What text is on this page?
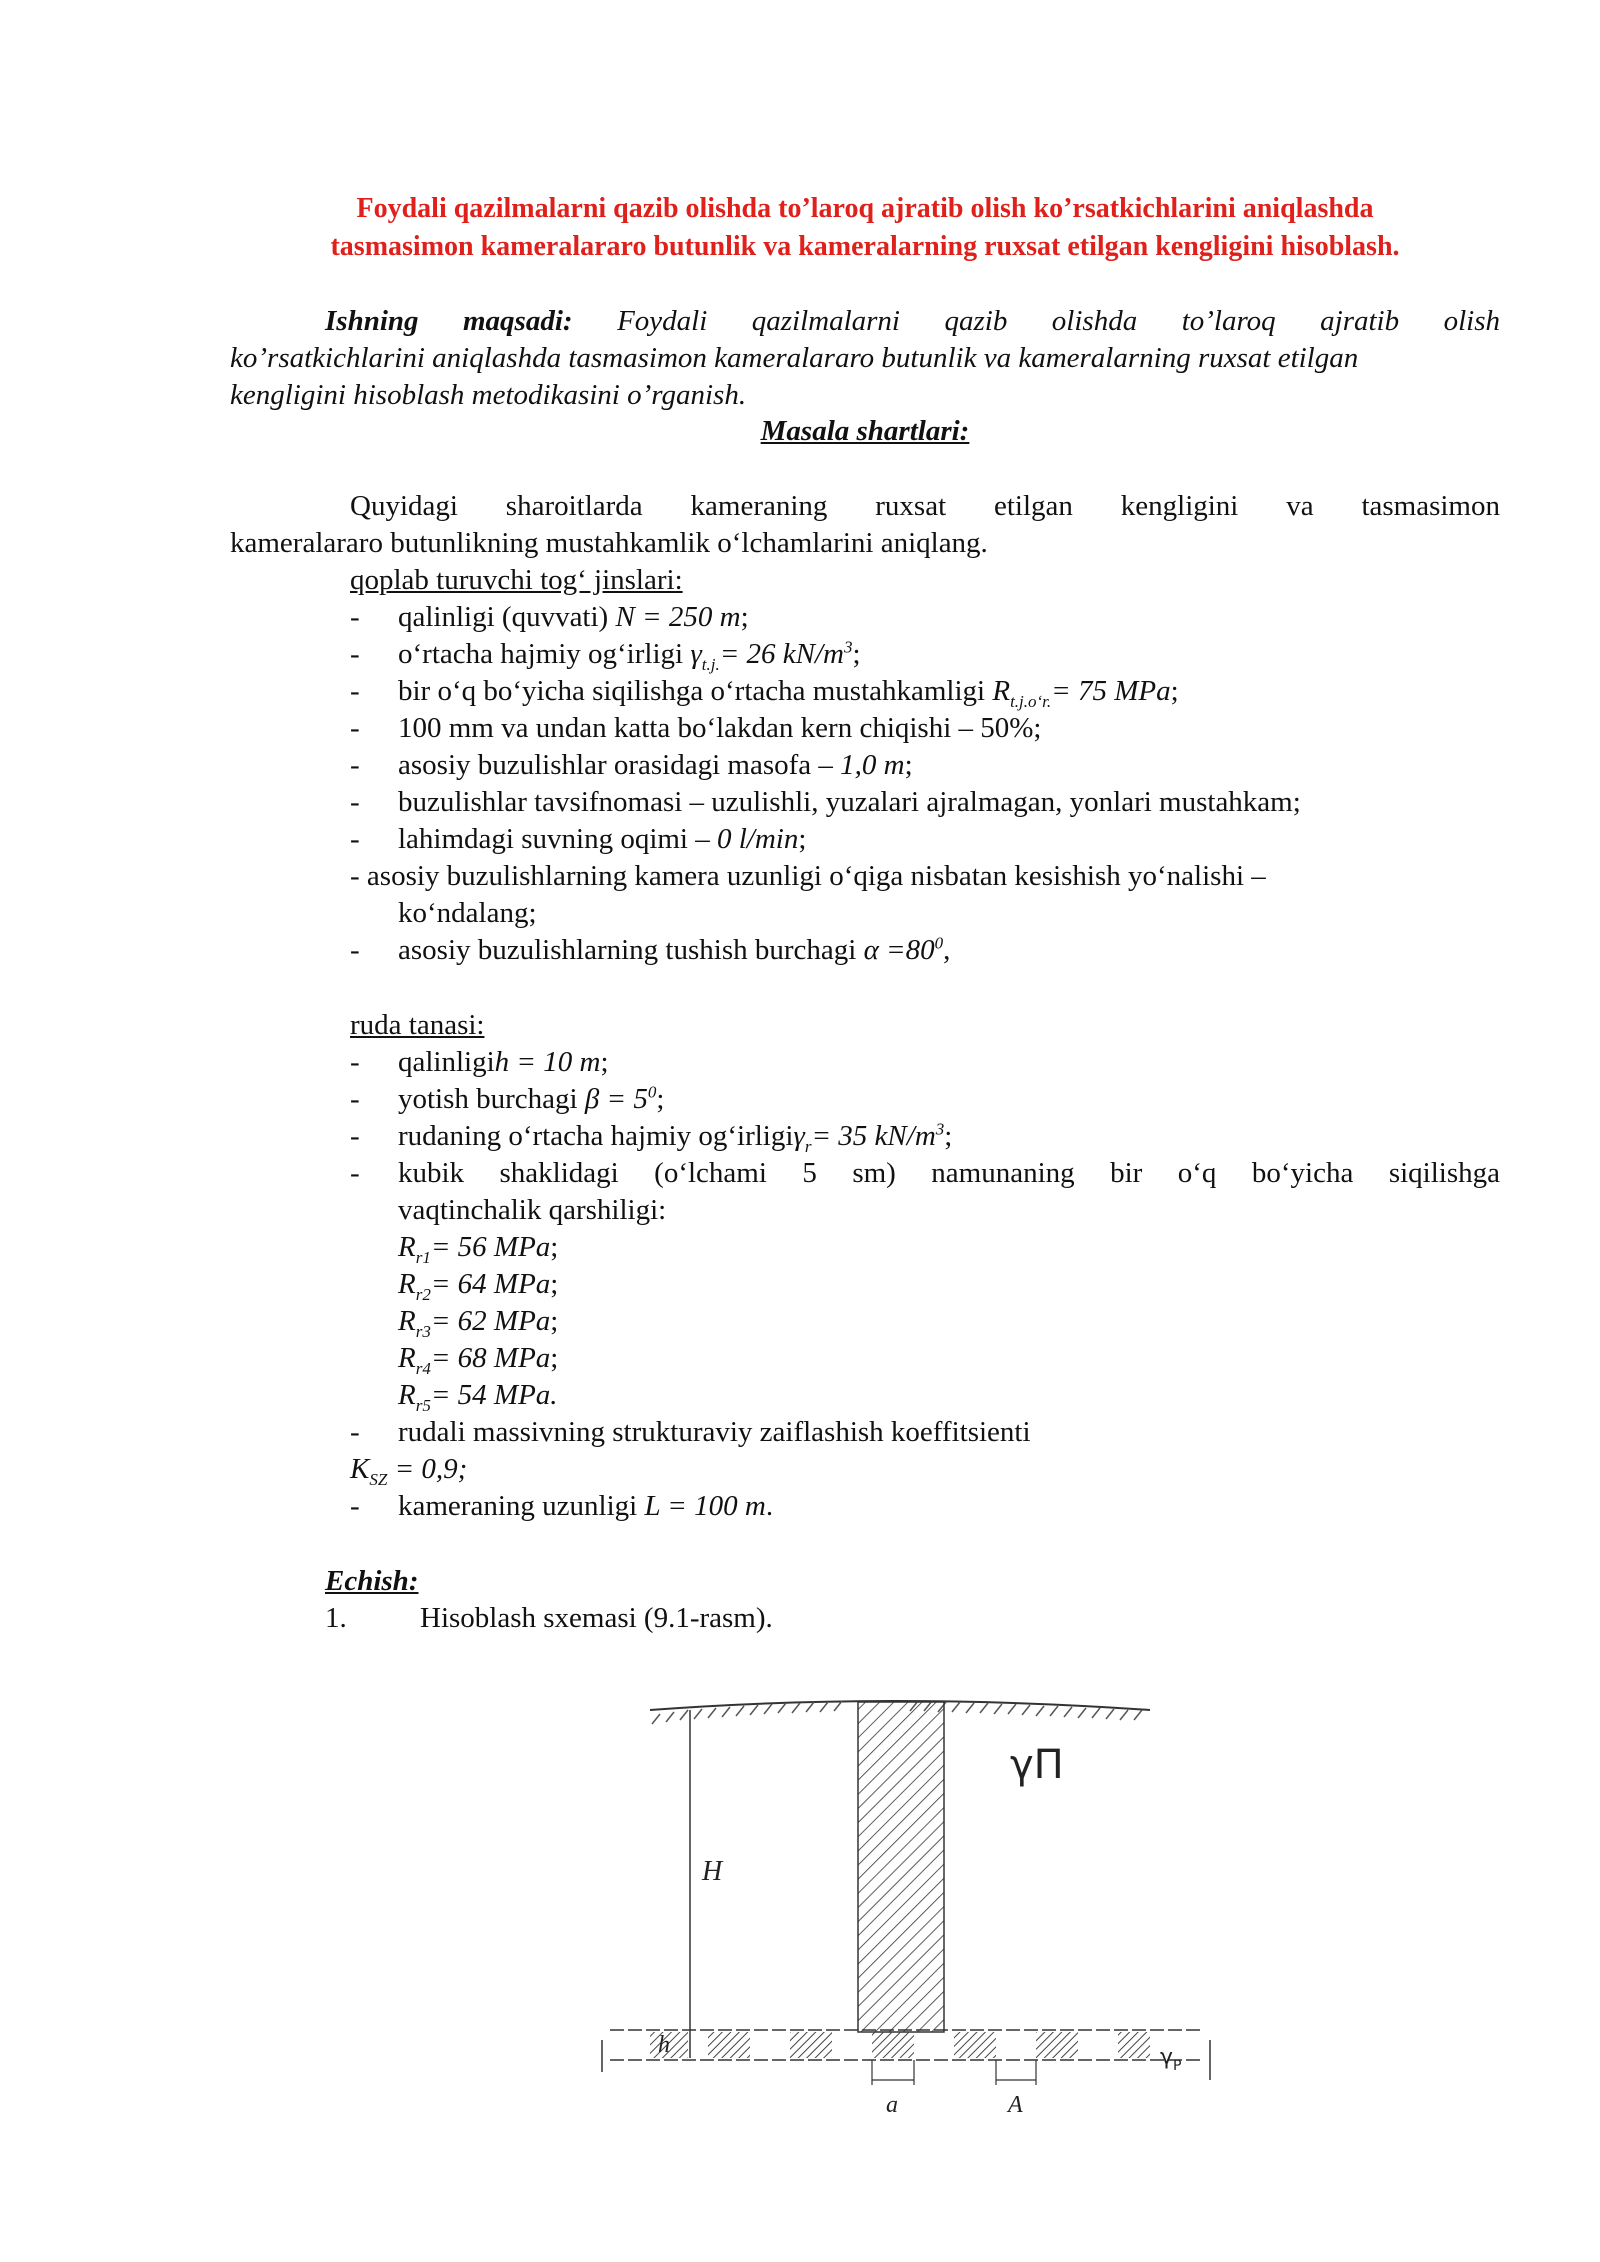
Foydali qazilmalarni qazib olishda to’laroq ajratib olish ko’rsatkichlarini aniqlashda
tasmasimon kameralararo butunlik va kameralarning ruxsat etilgan kengligini hisoblash.
Ishning maqsadi: Foydali qazilmalarni qazib olishda to’laroq ajratib olish
ko’rsatkichlarini aniqlashda tasmasimon kameralararo butunlik va kameralarning ruxsat etilgan
kengligini hisoblash metodikasini o’rganish.
Masala shartlari:
Quyidagi sharoitlarda kameraning ruxsat etilgan kengligini va tasmasimon
kameralararo butunlikning mustahkamlik o‘lchamlarini aniqlang.
qoplab turuvchi tog‘ jinslari:
- qalinligi (quvvati) N = 250 m;
- o‘rtacha hajmiy og‘irligi $\gamma_{t.j.}= 26$ $kN/m^3$;
- bir o‘q bo‘yicha siqilishga o‘rtacha mustahkamligi $R_{t.j.o‘r.}= 75$ MPa;
- 100 mm va undan katta bo‘lakdan kern chiqishi – 50%;
- asosiy buzulishlar orasidagi masofa – 1,0 m;
- buzulishlar tavsifnomasi – uzulishli, yuzalari ajralmagan, yonlari mustahkam;
- lahimdagi suvning oqimi – 0 l/min;
- asosiy buzulishlarning kamera uzunligi o‘qiga nisbatan kesishish yo‘nalishi –
ko‘ndalang;
- asosiy buzulishlarning tushish burchagi $\alpha =80^0$,
ruda tanasi:
- qalinligih = 10 m;
- yotish burchagi $\beta = 5^0$;
- rudaning o‘rtacha hajmiy og‘irligiγ$_r$= 35 $kN/m^3$;
- kubik shaklidagi (o‘lchami 5 sm) namunaning bir o‘q bo‘yicha siqilishga
vaqtinchalik qarshiligi:
$R_{r1}= 56$ MPa;
$R_{r2}= 64$ MPa;
$R_{r3}= 62$ MPa;
$R_{r4}= 68$ MPa;
$R_{r5}= 54$ MPa.
- rudali massivning strukturaviy zaiflashish koeffitsienti
$K_{SZ} = 0,9$;
- kameraning uzunligi L = 100 m.
Echish:
1.	Hisoblash sxemasi (9.1-rasm).
H
γП
h	$\gamma_P$
a	A
